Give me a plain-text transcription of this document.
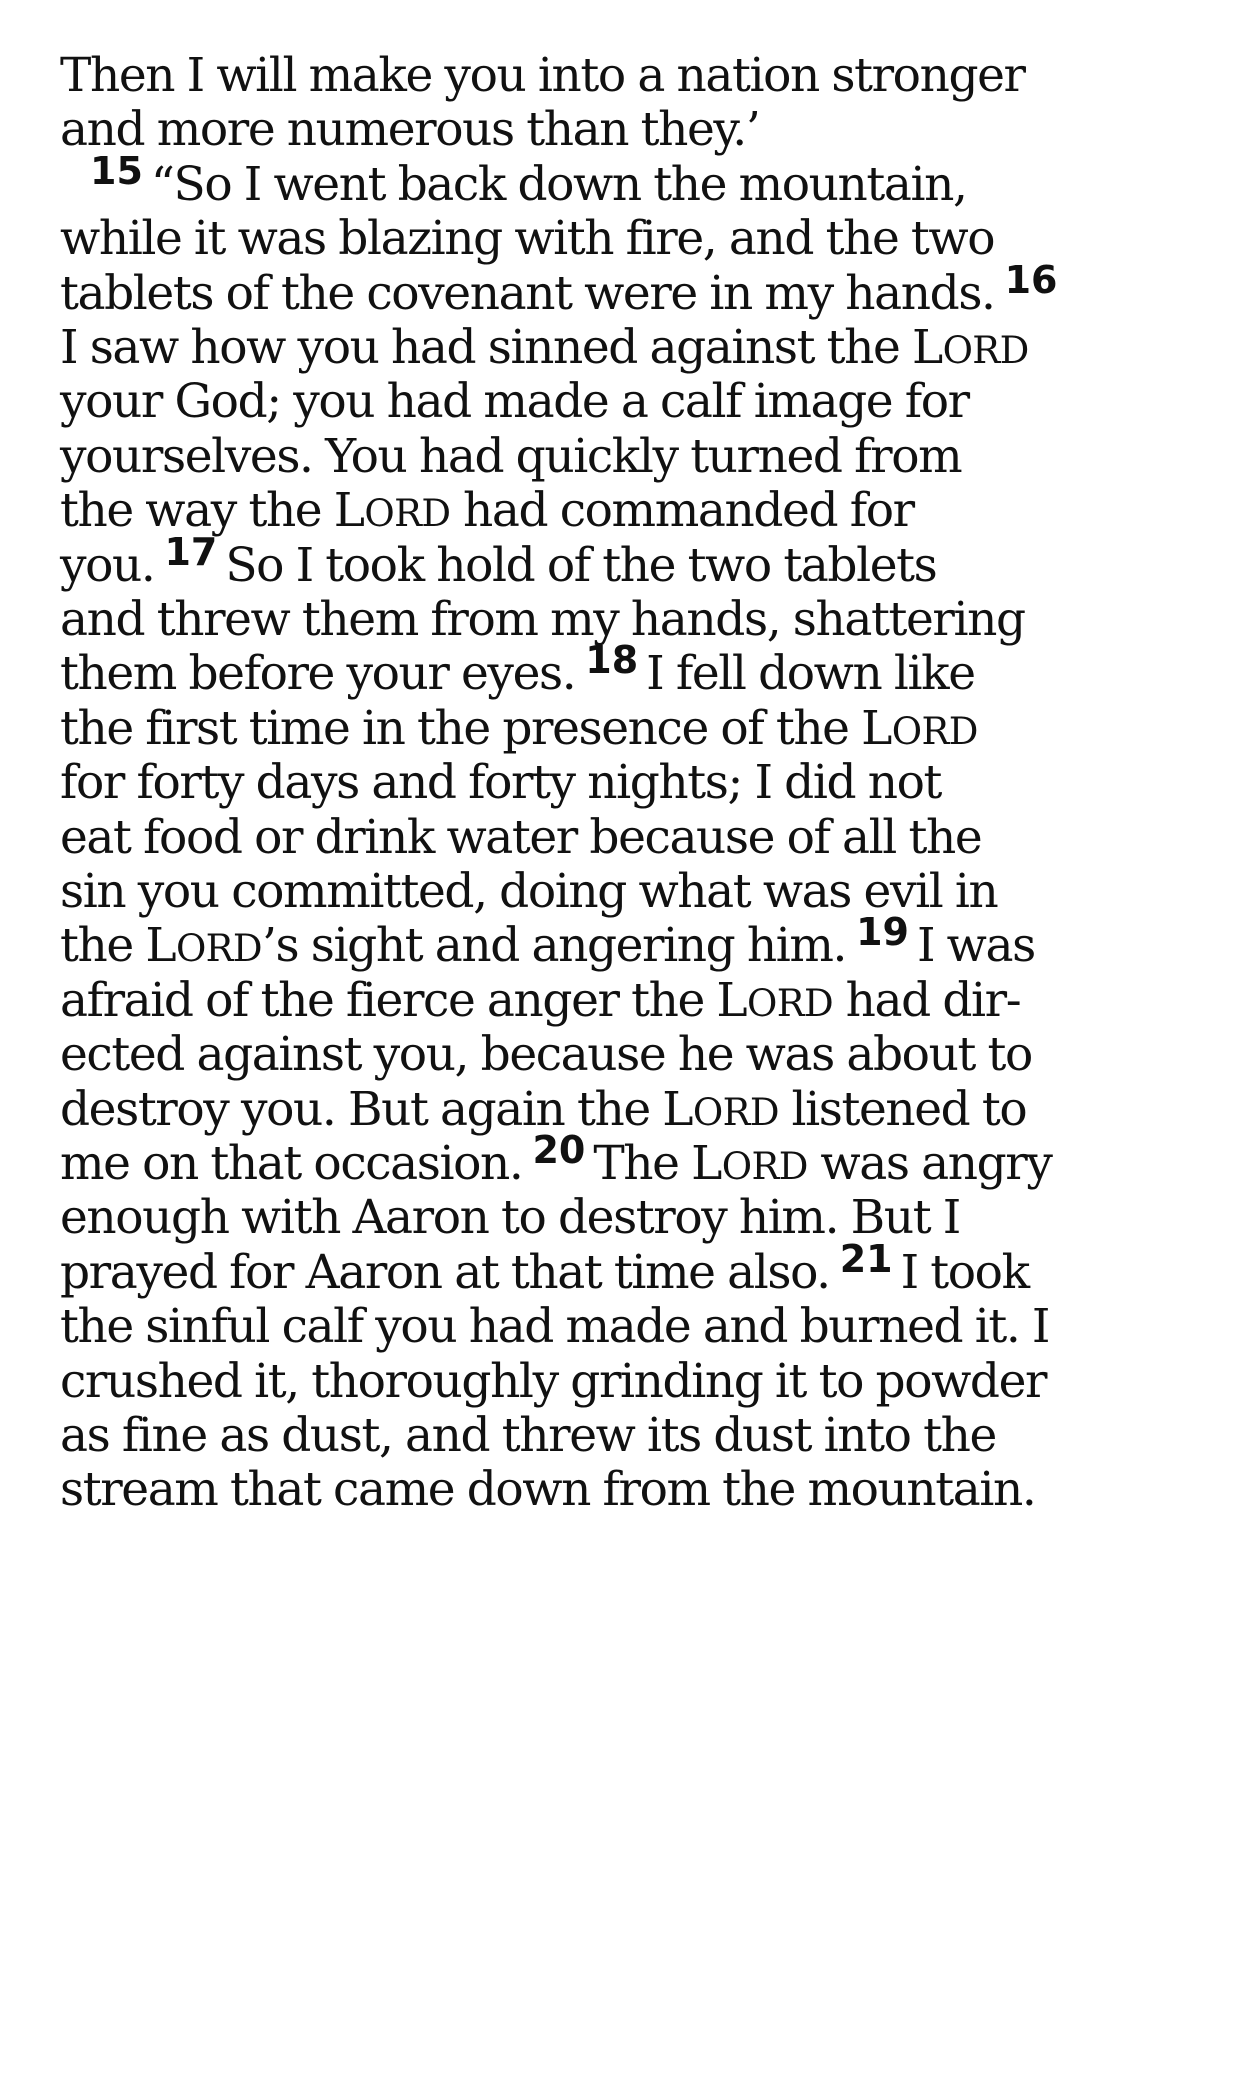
Then I will make you into a nation stronger
and more numerous than they.’
$^{15}$ “So I went back down the mountain,
while it was blazing with fire, and the two
tablets of the covenant were in my hands. $^{16}$
I saw how you had sinned against the LORD
your God; you had made a calf image for
yourselves. You had quickly turned from
the way the LORD had commanded for
you. $^{17}$ So I took hold of the two tablets
and threw them from my hands, shattering
them before your eyes. $^{18}$ I fell down like
the first time in the presence of the LORD
for forty days and forty nights; I did not
eat food or drink water because of all the
sin you committed, doing what was evil in
the LORD’s sight and angering him. $^{19}$ I was
afraid of the fierce anger the LORD had dir-
ected against you, because he was about to
destroy you. But again the LORD listened to
me on that occasion. $^{20}$ The LORD was angry
enough with Aaron to destroy him. But I
prayed for Aaron at that time also. $^{21}$ I took
the sinful calf you had made and burned it. I
crushed it, thoroughly grinding it to powder
as fine as dust, and threw its dust into the
stream that came down from the mountain.
